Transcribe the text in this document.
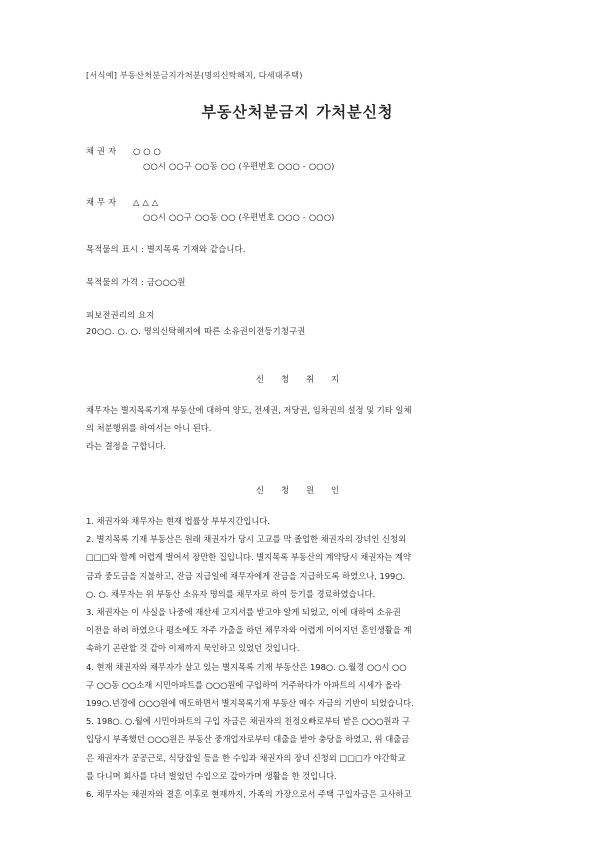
[서식예] 부동산처분금지가처분(명의신탁해지, 다세대주택)
부동산처분금지 가처분신청
채 권 자 ○ ○ ○
○○시 ○○구 ○○동 ○○ (우편번호 ○○○ - ○○○)
채 무 자 △ △ △
○○시 ○○구 ○○동 ○○ (우편번호 ○○○ - ○○○)
목적물의 표시 : 별지목록 기재와 같습니다.
목적물의 가격 : 금○○○원
피보전권리의 요지
20○○. ○. ○. 명의신탁해지에 따른 소유권이전등기청구권
신청취지

채무자는 별지목록기재 부동산에 대하여 양도, 전세권, 저당권, 임차권의 설정 및 기타 일체

의 처분행위를 하여서는 아니 된다.

라는 결정을 구합니다.

신청원인

1. 채권자와 채무자는 현재 법률상 부부지간입니다.

2. 별지목록 기재 부동산은 원래 채권자가 당시 고교를 막 졸업한 채권자의 장녀인 신청외

□□□와 함께 어렵게 벌어서 장만한 집입니다. 별지목록 부동산의 계약당시 채권자는 계약

금과 중도금을 지불하고, 잔금 지급일에 채무자에게 잔금을 지급하도록 하였으나, 199○.

○. ○. 채무자는 위 부동산 소유자 명의를 채무자로 하여 등기를 경료하였습니다.

3. 채권자는 이 사실을 나중에 재산세 고지서를 받고야 알게 되었고, 이에 대하여 소유권

이전을 하려 하였으나 평소에도 자주 가출을 하던 채무자와 어렵게 이어지던 혼인생활을 계

속하기 곤란할 것 같아 이제까지 묵인하고 있었던 것입니다.

4. 현재 채권자와 채무자가 살고 있는 별지목록 기재 부동산은 198○. ○.월경 ○○시 ○○

구 ○○동 ○○소재 시민아파트를 ○○○원에 구입하여 거주하다가 아파트의 시세가 올라

199○.년경에 ○○○원에 매도하면서 별지목록기재 부동산 매수 자금의 기반이 되었습니다.

5. 198○. ○.월에 시민아파트의 구입 자금은 채권자의 친정오빠로부터 받은 ○○○원과 구

입당시 부족했던 ○○○원은 부동산 중개업자로부터 대출을 받아 충당을 하였고, 위 대출금

은 채권자가 공공근로, 식당잡일 등을 한 수입과 채권자의 장녀 신청외 □□□가 야간학교

를 다니며 회사를 다녀 벌었던 수입으로 갚아가며 생활을 한 것입니다.

6. 채무자는 채권자와 결혼 이후로 현재까지, 가족의 가장으로서 주택 구입자금은 고사하고
